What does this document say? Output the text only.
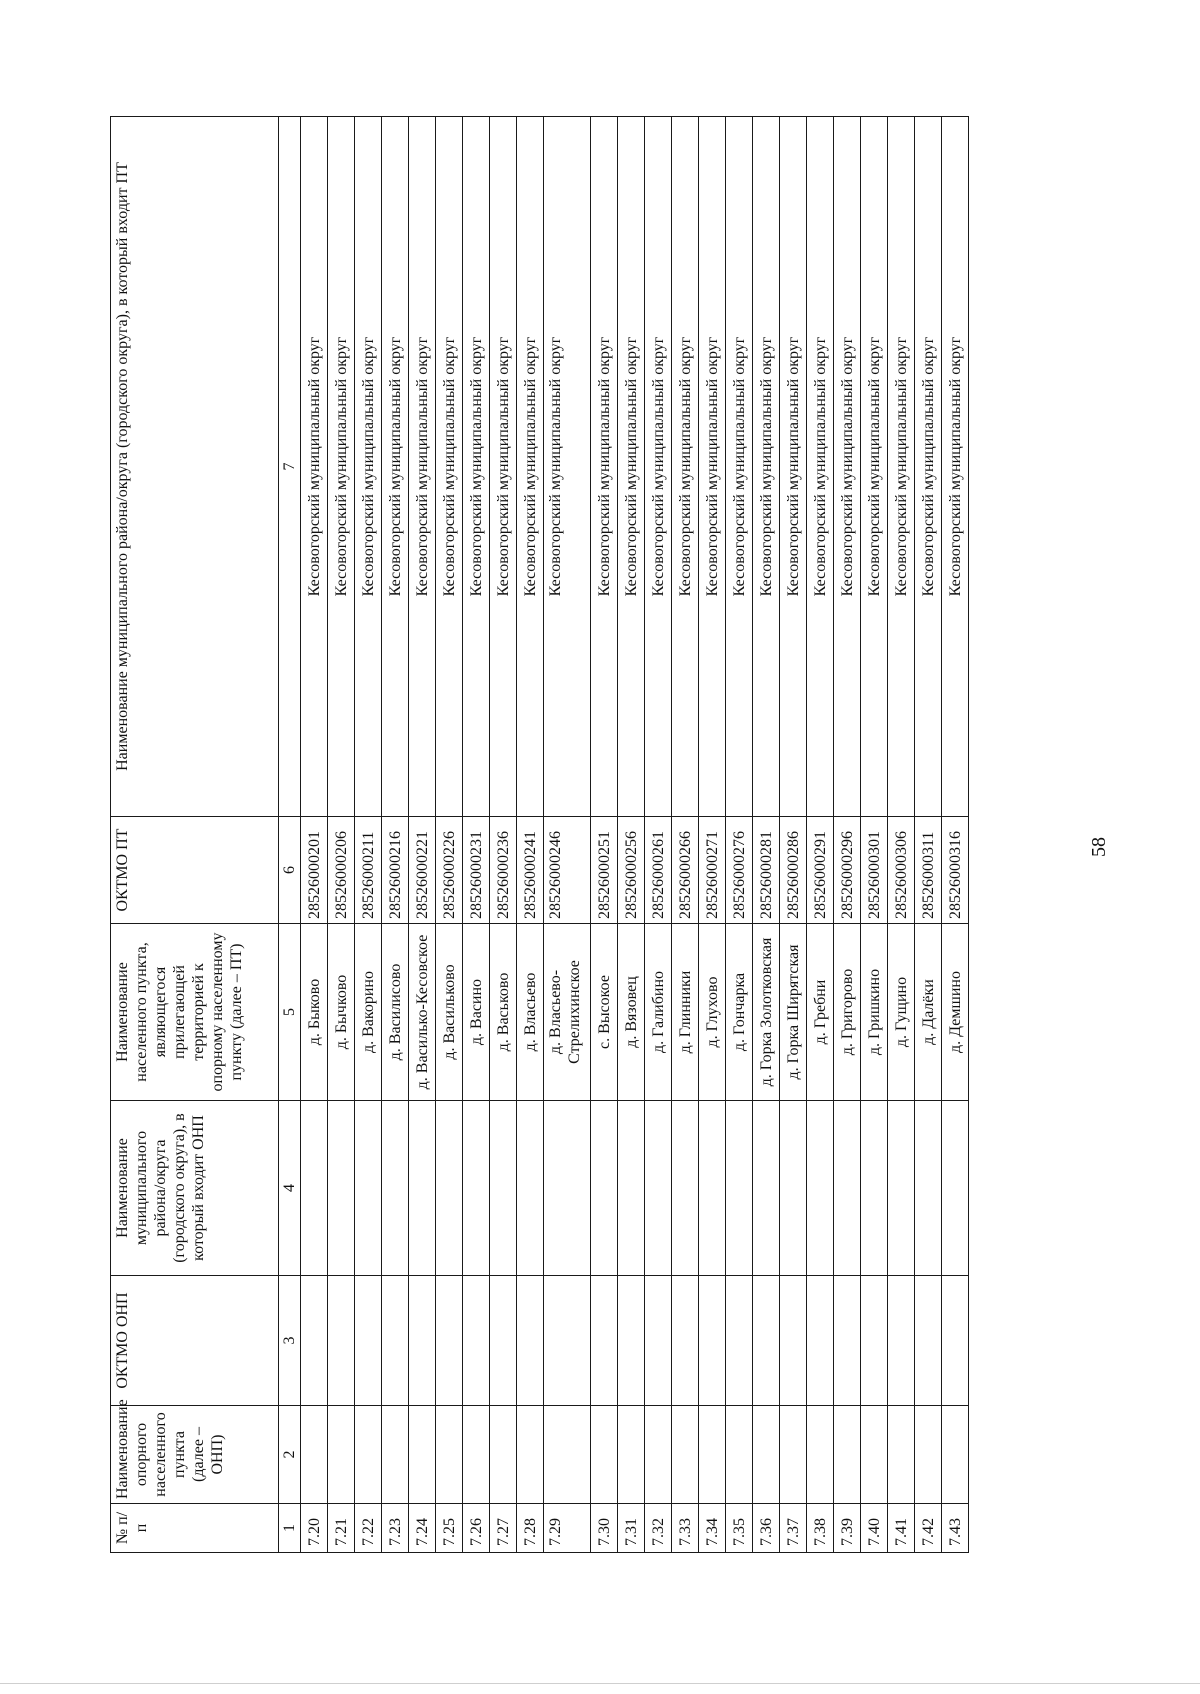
58
№ п/п	Наименование опорного населенного пункта (далее – ОНП)	ОКТМО ОНП	Наименование муниципального района/округа (городского округа), в который входит ОНП	Наименование населенного пункта, являющегося прилегающей территорией к опорному населенному пункту (далее – ПТ)	ОКТМО ПТ	Наименование муниципального района/округа (городского округа), в который входит ПТ
1	2	3	4	5	6	7
7.20				д. Быково	28526000201	Кесовогорский муниципальный округ
7.21				д. Бычково	28526000206	Кесовогорский муниципальный округ
7.22				д. Вакорино	28526000211	Кесовогорский муниципальный округ
7.23				д. Василисово	28526000216	Кесовогорский муниципальный округ
7.24				д. Василько-Кесовское	28526000221	Кесовогорский муниципальный округ
7.25				д. Васильково	28526000226	Кесовогорский муниципальный округ
7.26				д. Васино	28526000231	Кесовогорский муниципальный округ
7.27				д. Васьково	28526000236	Кесовогорский муниципальный округ
7.28				д. Власьево	28526000241	Кесовогорский муниципальный округ
7.29				д. Власьево-Стрелихинское	28526000246	Кесовогорский муниципальный округ
7.30				с. Высокое	28526000251	Кесовогорский муниципальный округ
7.31				д. Вязовец	28526000256	Кесовогорский муниципальный округ
7.32				д. Галибино	28526000261	Кесовогорский муниципальный округ
7.33				д. Глинники	28526000266	Кесовогорский муниципальный округ
7.34				д. Глухово	28526000271	Кесовогорский муниципальный округ
7.35				д. Гончарка	28526000276	Кесовогорский муниципальный округ
7.36				д. Горка Золотковская	28526000281	Кесовогорский муниципальный округ
7.37				д. Горка Ширятская	28526000286	Кесовогорский муниципальный округ
7.38				д. Гребни	28526000291	Кесовогорский муниципальный округ
7.39				д. Григорово	28526000296	Кесовогорский муниципальный округ
7.40				д. Гришкино	28526000301	Кесовогорский муниципальный округ
7.41				д. Гущино	28526000306	Кесовогорский муниципальный округ
7.42				д. Далёки	28526000311	Кесовогорский муниципальный округ
7.43				д. Демшино	28526000316	Кесовогорский муниципальный округ
